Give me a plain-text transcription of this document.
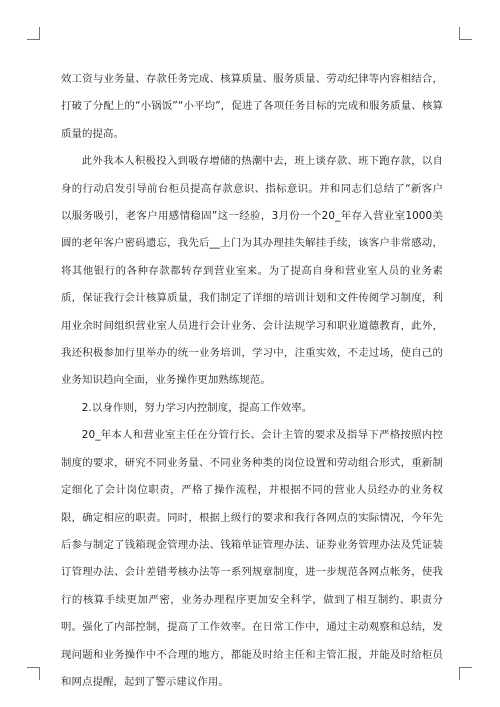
效工资与业务量、存款任务完成、核算质量、服务质量、劳动纪律等内容相结合，打破了分配上的“小锅饭”“小平均”，促进了各项任务目标的完成和服务质量、核算质量的提高。

此外我本人积极投入到吸存增储的热潮中去，班上谈存款、班下跑存款，以自身的行动启发引导前台柜员提高存款意识、指标意识。并和同志们总结了“新客户以服务吸引，老客户用感情稳固”这一经验，3月份一个20_年存入营业室1000美圆的老年客户密码遗忘，我先后__上门为其办理挂失解挂手续，该客户非常感动，将其他银行的各种存款都转存到营业室来。为了提高自身和营业室人员的业务素质，保证我行会计核算质量，我们制定了详细的培训计划和文件传阅学习制度，利用业余时间组织营业室人员进行会计业务、会计法规学习和职业道德教育，此外，我还积极参加行里举办的统一业务培训，学习中，注重实效，不走过场，使自己的业务知识趋向全面，业务操作更加熟练规范。

2.以身作则，努力学习内控制度，提高工作效率。

20_年本人和营业室主任在分管行长、会计主管的要求及指导下严格按照内控制度的要求，研究不同业务量、不同业务种类的岗位设置和劳动组合形式，重新制定细化了会计岗位职责，严格了操作流程，并根据不同的营业人员经办的业务权限，确定相应的职责。同时，根据上级行的要求和我行各网点的实际情况，今年先后参与制定了钱箱现金管理办法、钱箱单证管理办法、证券业务管理办法及凭证装订管理办法、会计差错考核办法等一系列规章制度，进一步规范各网点帐务，使我行的核算手续更加严密，业务办理程序更加安全科学，做到了相互制约、职责分明。强化了内部控制，提高了工作效率。在日常工作中，通过主动观察和总结，发现问题和业务操作中不合理的地方，都能及时给主任和主管汇报，并能及时给柜员和网点提醒，起到了警示建议作用。
